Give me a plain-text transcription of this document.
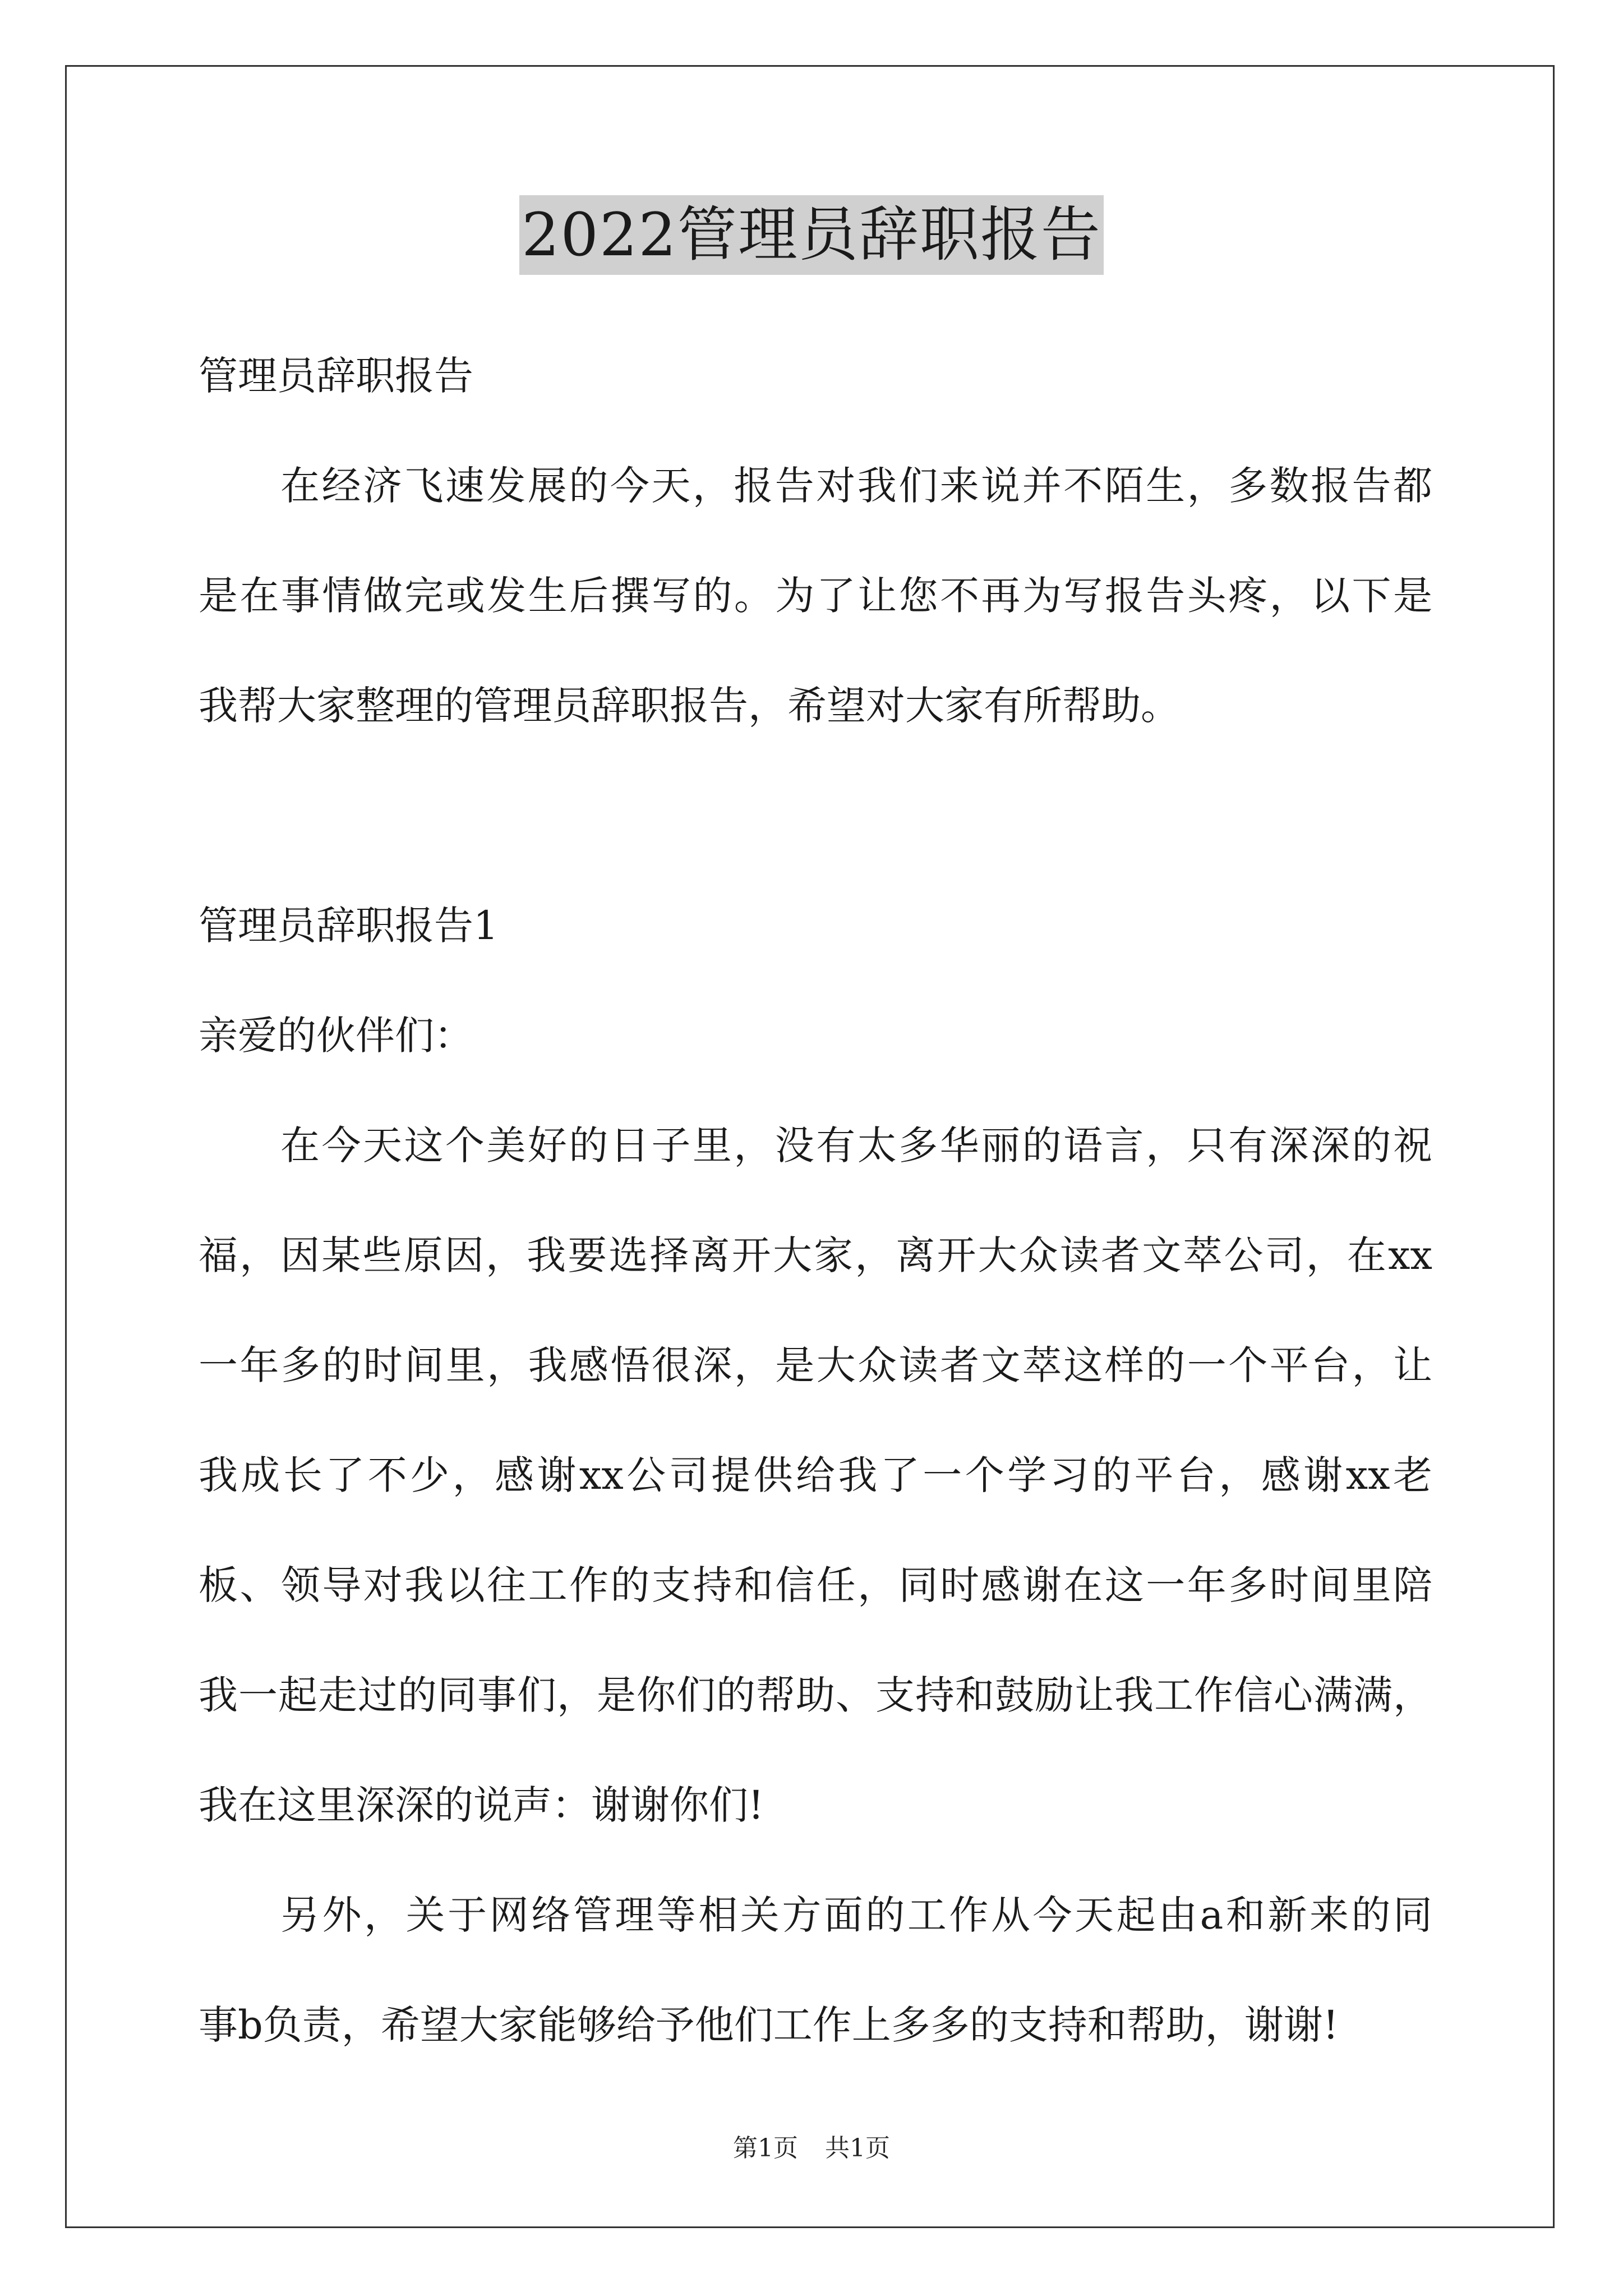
2022管理员辞职报告
管理员辞职报告
在经济飞速发展的今天，报告对我们来说并不陌生，多数报告都
是在事情做完或发生后撰写的。为了让您不再为写报告头疼，以下是
我帮大家整理的管理员辞职报告，希望对大家有所帮助。
管理员辞职报告1
亲爱的伙伴们：
在今天这个美好的日子里，没有太多华丽的语言，只有深深的祝
福，因某些原因，我要选择离开大家，离开大众读者文萃公司，在xx
一年多的时间里，我感悟很深，是大众读者文萃这样的一个平台，让
我成长了不少，感谢xx公司提供给我了一个学习的平台，感谢xx老
板、领导对我以往工作的支持和信任，同时感谢在这一年多时间里陪
我一起走过的同事们，是你们的帮助、支持和鼓励让我工作信心满满，
我在这里深深的说声：谢谢你们!
另外，关于网络管理等相关方面的工作从今天起由a和新来的同
事b负责，希望大家能够给予他们工作上多多的支持和帮助，谢谢!
第1页 共1页
